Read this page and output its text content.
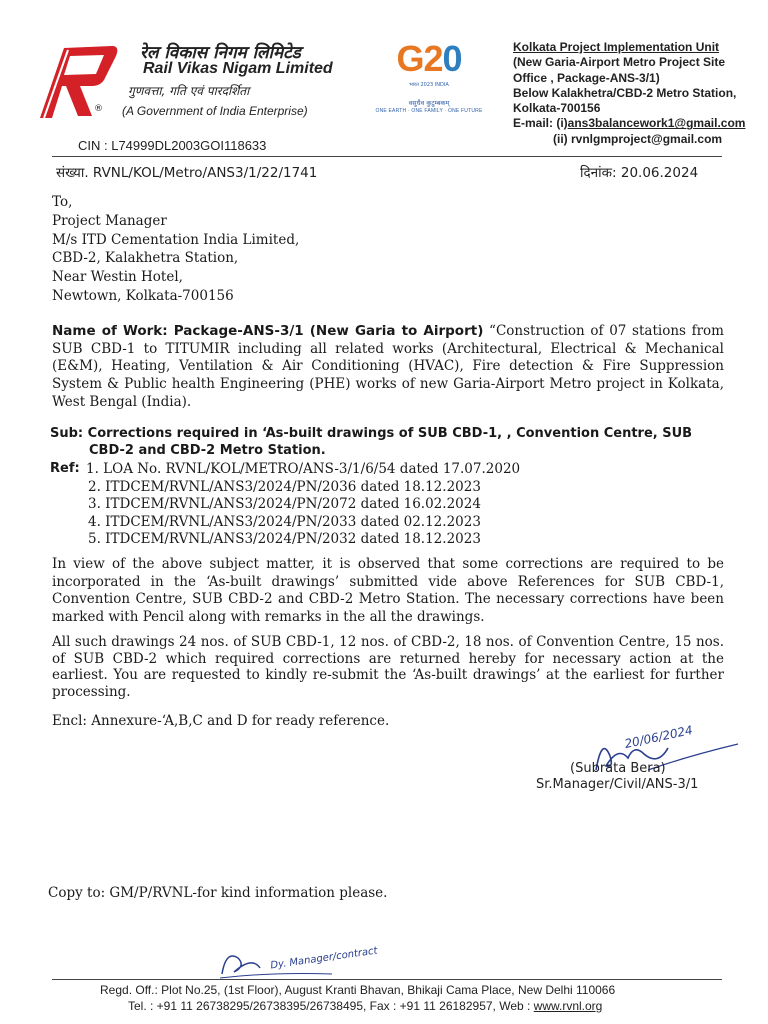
रेल विकास निगम लिमिटेड
Rail Vikas Nigam Limited
गुणवत्ता, गति एवं पारदर्शिता
® (A Government of India Enterprise)
CIN : L74999DL2003GOI118633
G20
भारत 2023 INDIA
वसुधैव कुटुम्बकम्
ONE EARTH · ONE FAMILY · ONE FUTURE
Kolkata Project Implementation Unit
(New Garia-Airport Metro Project Site
Office , Package-ANS-3/1)
Below Kalakhetra/CBD-2 Metro Station,
Kolkata-700156
E-mail: (i)ans3balancework1@gmail.com
(ii) rvnlgmproject@gmail.com
संख्या. RVNL/KOL/Metro/ANS3/1/22/1741	दिनांक: 20.06.2024
To,
Project Manager
M/s ITD Cementation India Limited,
CBD-2, Kalakhetra Station,
Near Westin Hotel,
Newtown, Kolkata-700156
Name of Work: Package-ANS-3/1 (New Garia to Airport) “Construction of 07 stations from SUB CBD-1 to TITUMIR including all related works (Architectural, Electrical & Mechanical (E&M), Heating, Ventilation & Air Conditioning (HVAC), Fire detection & Fire Suppression System & Public health Engineering (PHE) works of new Garia-Airport Metro project in Kolkata, West Bengal (India).
Sub: Corrections required in ‘As-built drawings of SUB CBD-1, , Convention Centre, SUB
CBD-2 and CBD-2 Metro Station.
Ref: 1. LOA No. RVNL/KOL/METRO/ANS-3/1/6/54 dated 17.07.2020
2. ITDCEM/RVNL/ANS3/2024/PN/2036 dated 18.12.2023
3. ITDCEM/RVNL/ANS3/2024/PN/2072 dated 16.02.2024
4. ITDCEM/RVNL/ANS3/2024/PN/2033 dated 02.12.2023
5. ITDCEM/RVNL/ANS3/2024/PN/2032 dated 18.12.2023
In view of the above subject matter, it is observed that some corrections are required to be incorporated in the ‘As-built drawings’ submitted vide above References for SUB CBD-1, Convention Centre, SUB CBD-2 and CBD-2 Metro Station. The necessary corrections have been marked with Pencil along with remarks in the all the drawings.
All such drawings 24 nos. of SUB CBD-1, 12 nos. of CBD-2, 18 nos. of Convention Centre, 15 nos. of SUB CBD-2 which required corrections are returned hereby for necessary action at the earliest. You are requested to kindly re-submit the ‘As-built drawings’ at the earliest for further processing.
Encl: Annexure-‘A,B,C and D for ready reference.
20/06/2024
(Subrata Bera)
Sr.Manager/Civil/ANS-3/1
Copy to: GM/P/RVNL-for kind information please.
Dy. Manager/contract
Regd. Off.: Plot No.25, (1st Floor), August Kranti Bhavan, Bhikaji Cama Place, New Delhi 110066
Tel. : +91 11 26738295/26738395/26738495, Fax : +91 11 26182957, Web : www.rvnl.org
